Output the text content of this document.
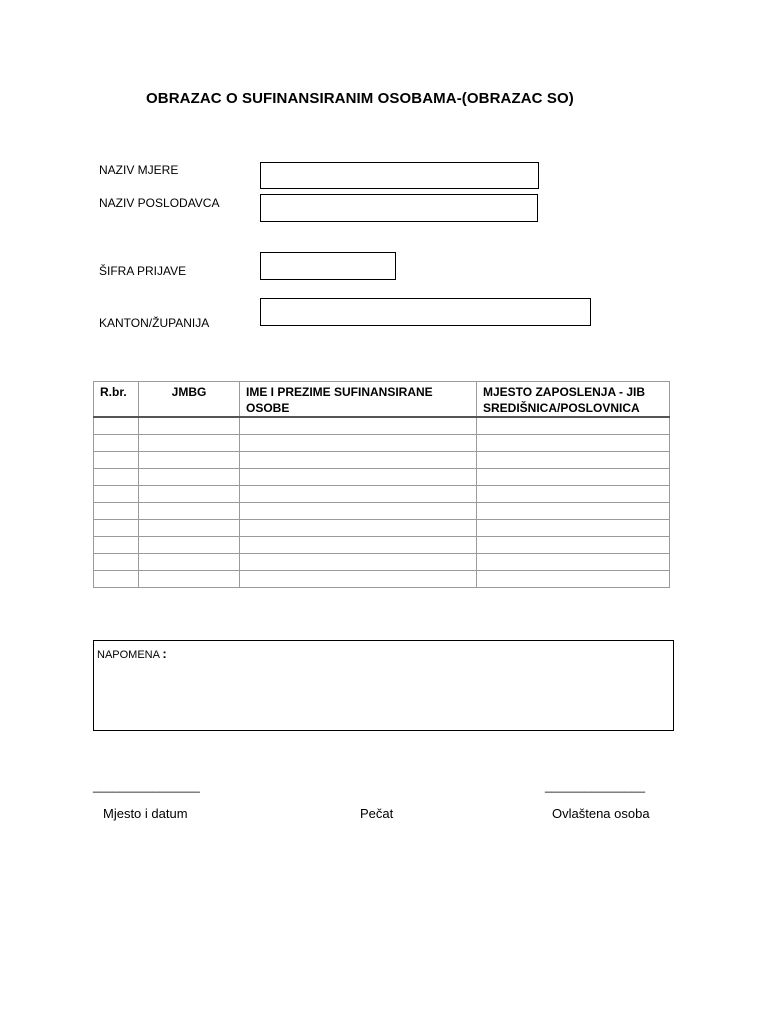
OBRAZAC O SUFINANSIRANIM OSOBAMA-(OBRAZAC SO)
NAZIV MJERE
NAZIV POSLODAVCA
ŠIFRA PRIJAVE
KANTON/ŽUPANIJA
R.br.	JMBG	IME I PREZIME SUFINANSIRANE OSOBE	MJESTO ZAPOSLENJA - JIB SREDIŠNICA/POSLOVNICA

NAPOMENA :
________________	_______________
Mjesto i datum	Pečat	Ovlaštena osoba
